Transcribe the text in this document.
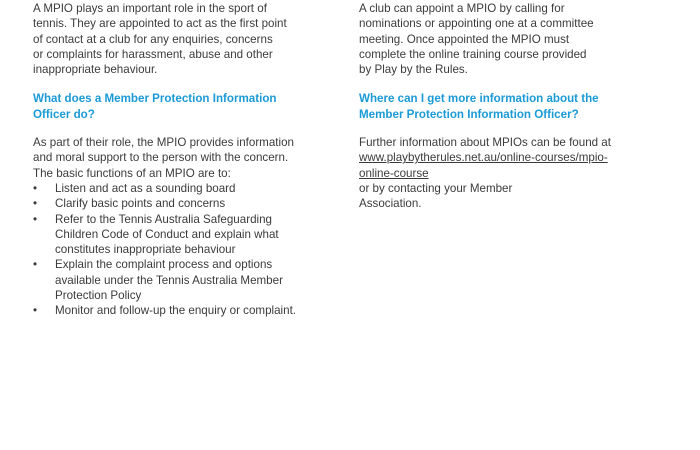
A MPIO plays an important role in the sport of
tennis. They are appointed to act as the first point
of contact at a club for any enquiries, concerns
or complaints for harassment, abuse and other
inappropriate behaviour.

What does a Member Protection Information
Officer do?

As part of their role, the MPIO provides information
and moral support to the person with the concern.
The basic functions of an MPIO are to:

• Listen and act as a sounding board
• Clarify basic points and concerns
• Refer to the Tennis Australia Safeguarding
Children Code of Conduct and explain what
constitutes inappropriate behaviour
• Explain the complaint process and options
available under the Tennis Australia Member
Protection Policy
• Monitor and follow-up the enquiry or complaint.

A club can appoint a MPIO by calling for
nominations or appointing one at a committee
meeting. Once appointed the MPIO must
complete the online training course provided
by Play by the Rules.

Where can I get more information about the
Member Protection Information Officer?

Further information about MPIOs can be found at
www.playbytherules.net.au/online-courses/mpio-
online-course
or by contacting your Member
Association.
